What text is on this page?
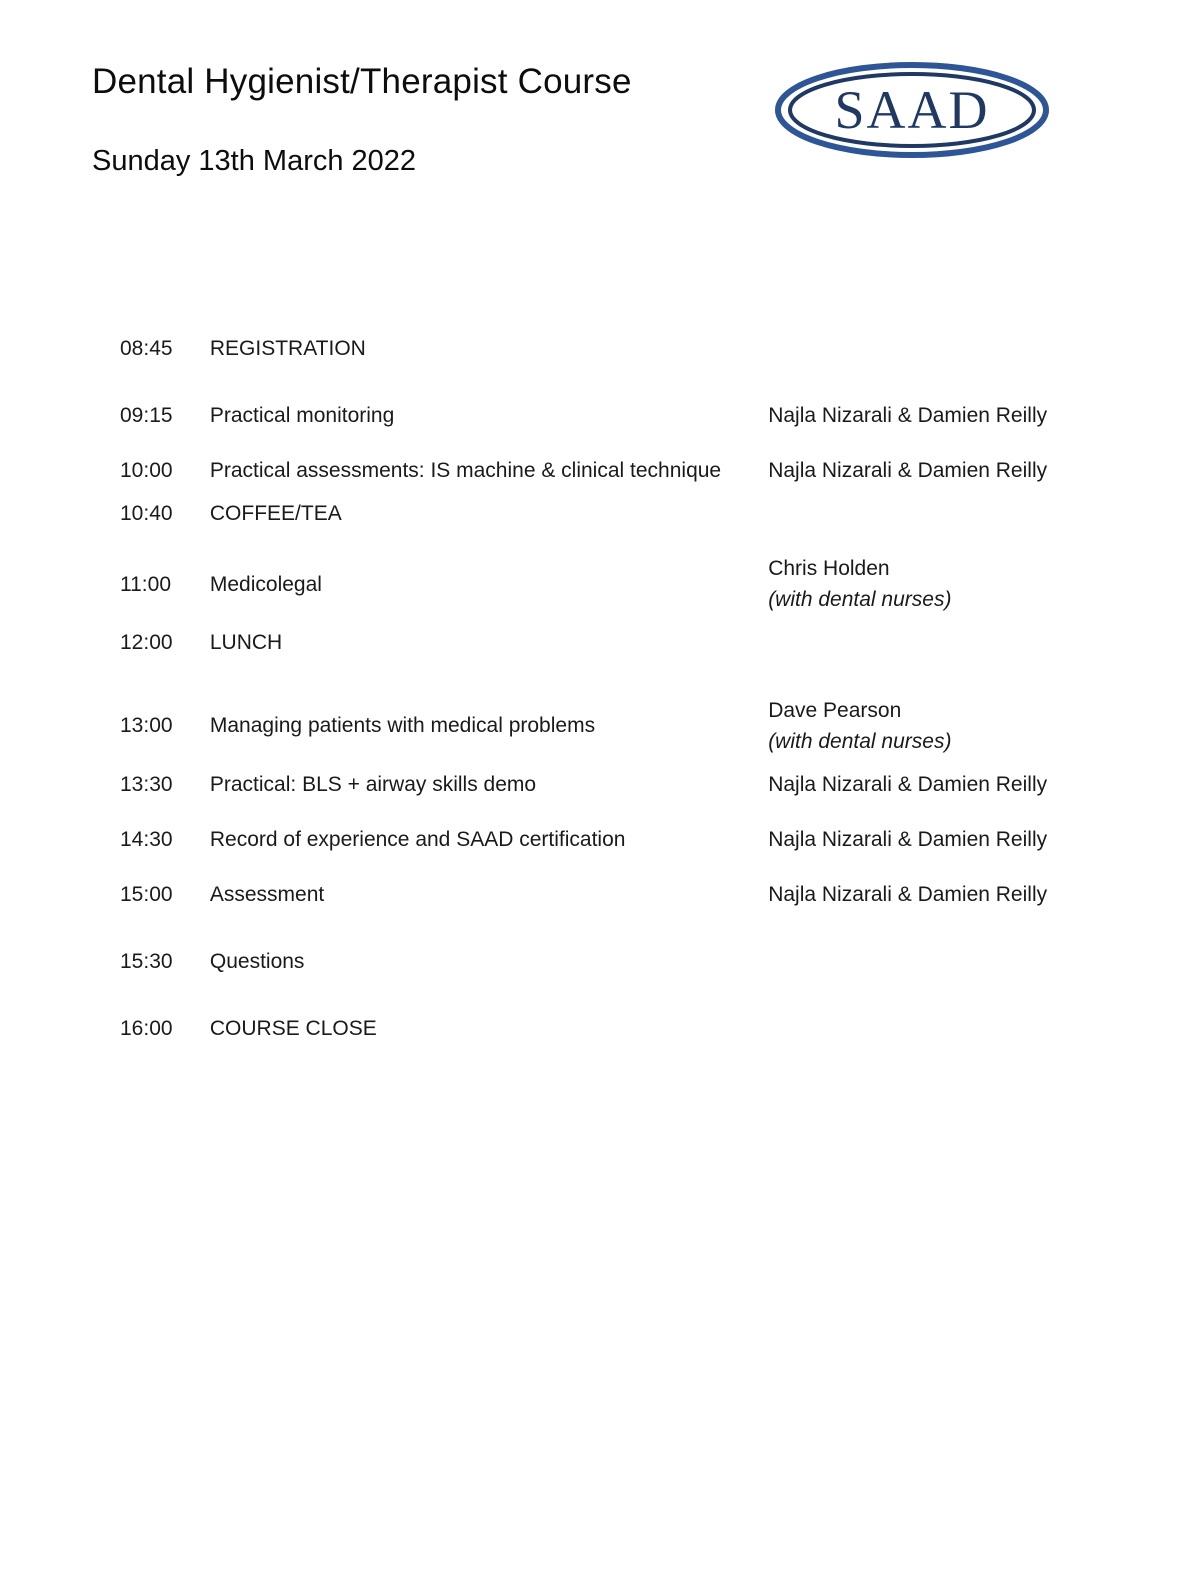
Dental Hygienist/Therapist Course
Sunday 13th March 2022
SAAD
08:45	REGISTRATION	

09:15	Practical monitoring	Najla Nizarali & Damien Reilly

10:00	Practical assessments: IS machine & clinical technique	Najla Nizarali & Damien Reilly

10:40	COFFEE/TEA	

11:00	Medicolegal	Chris Holden
(with dental nurses)

12:00	LUNCH	

13:00	Managing patients with medical problems	Dave Pearson
(with dental nurses)

13:30	Practical: BLS + airway skills demo	Najla Nizarali & Damien Reilly

14:30	Record of experience and SAAD certification	Najla Nizarali & Damien Reilly

15:00	Assessment	Najla Nizarali & Damien Reilly

15:30	Questions	

16:00	COURSE CLOSE	
